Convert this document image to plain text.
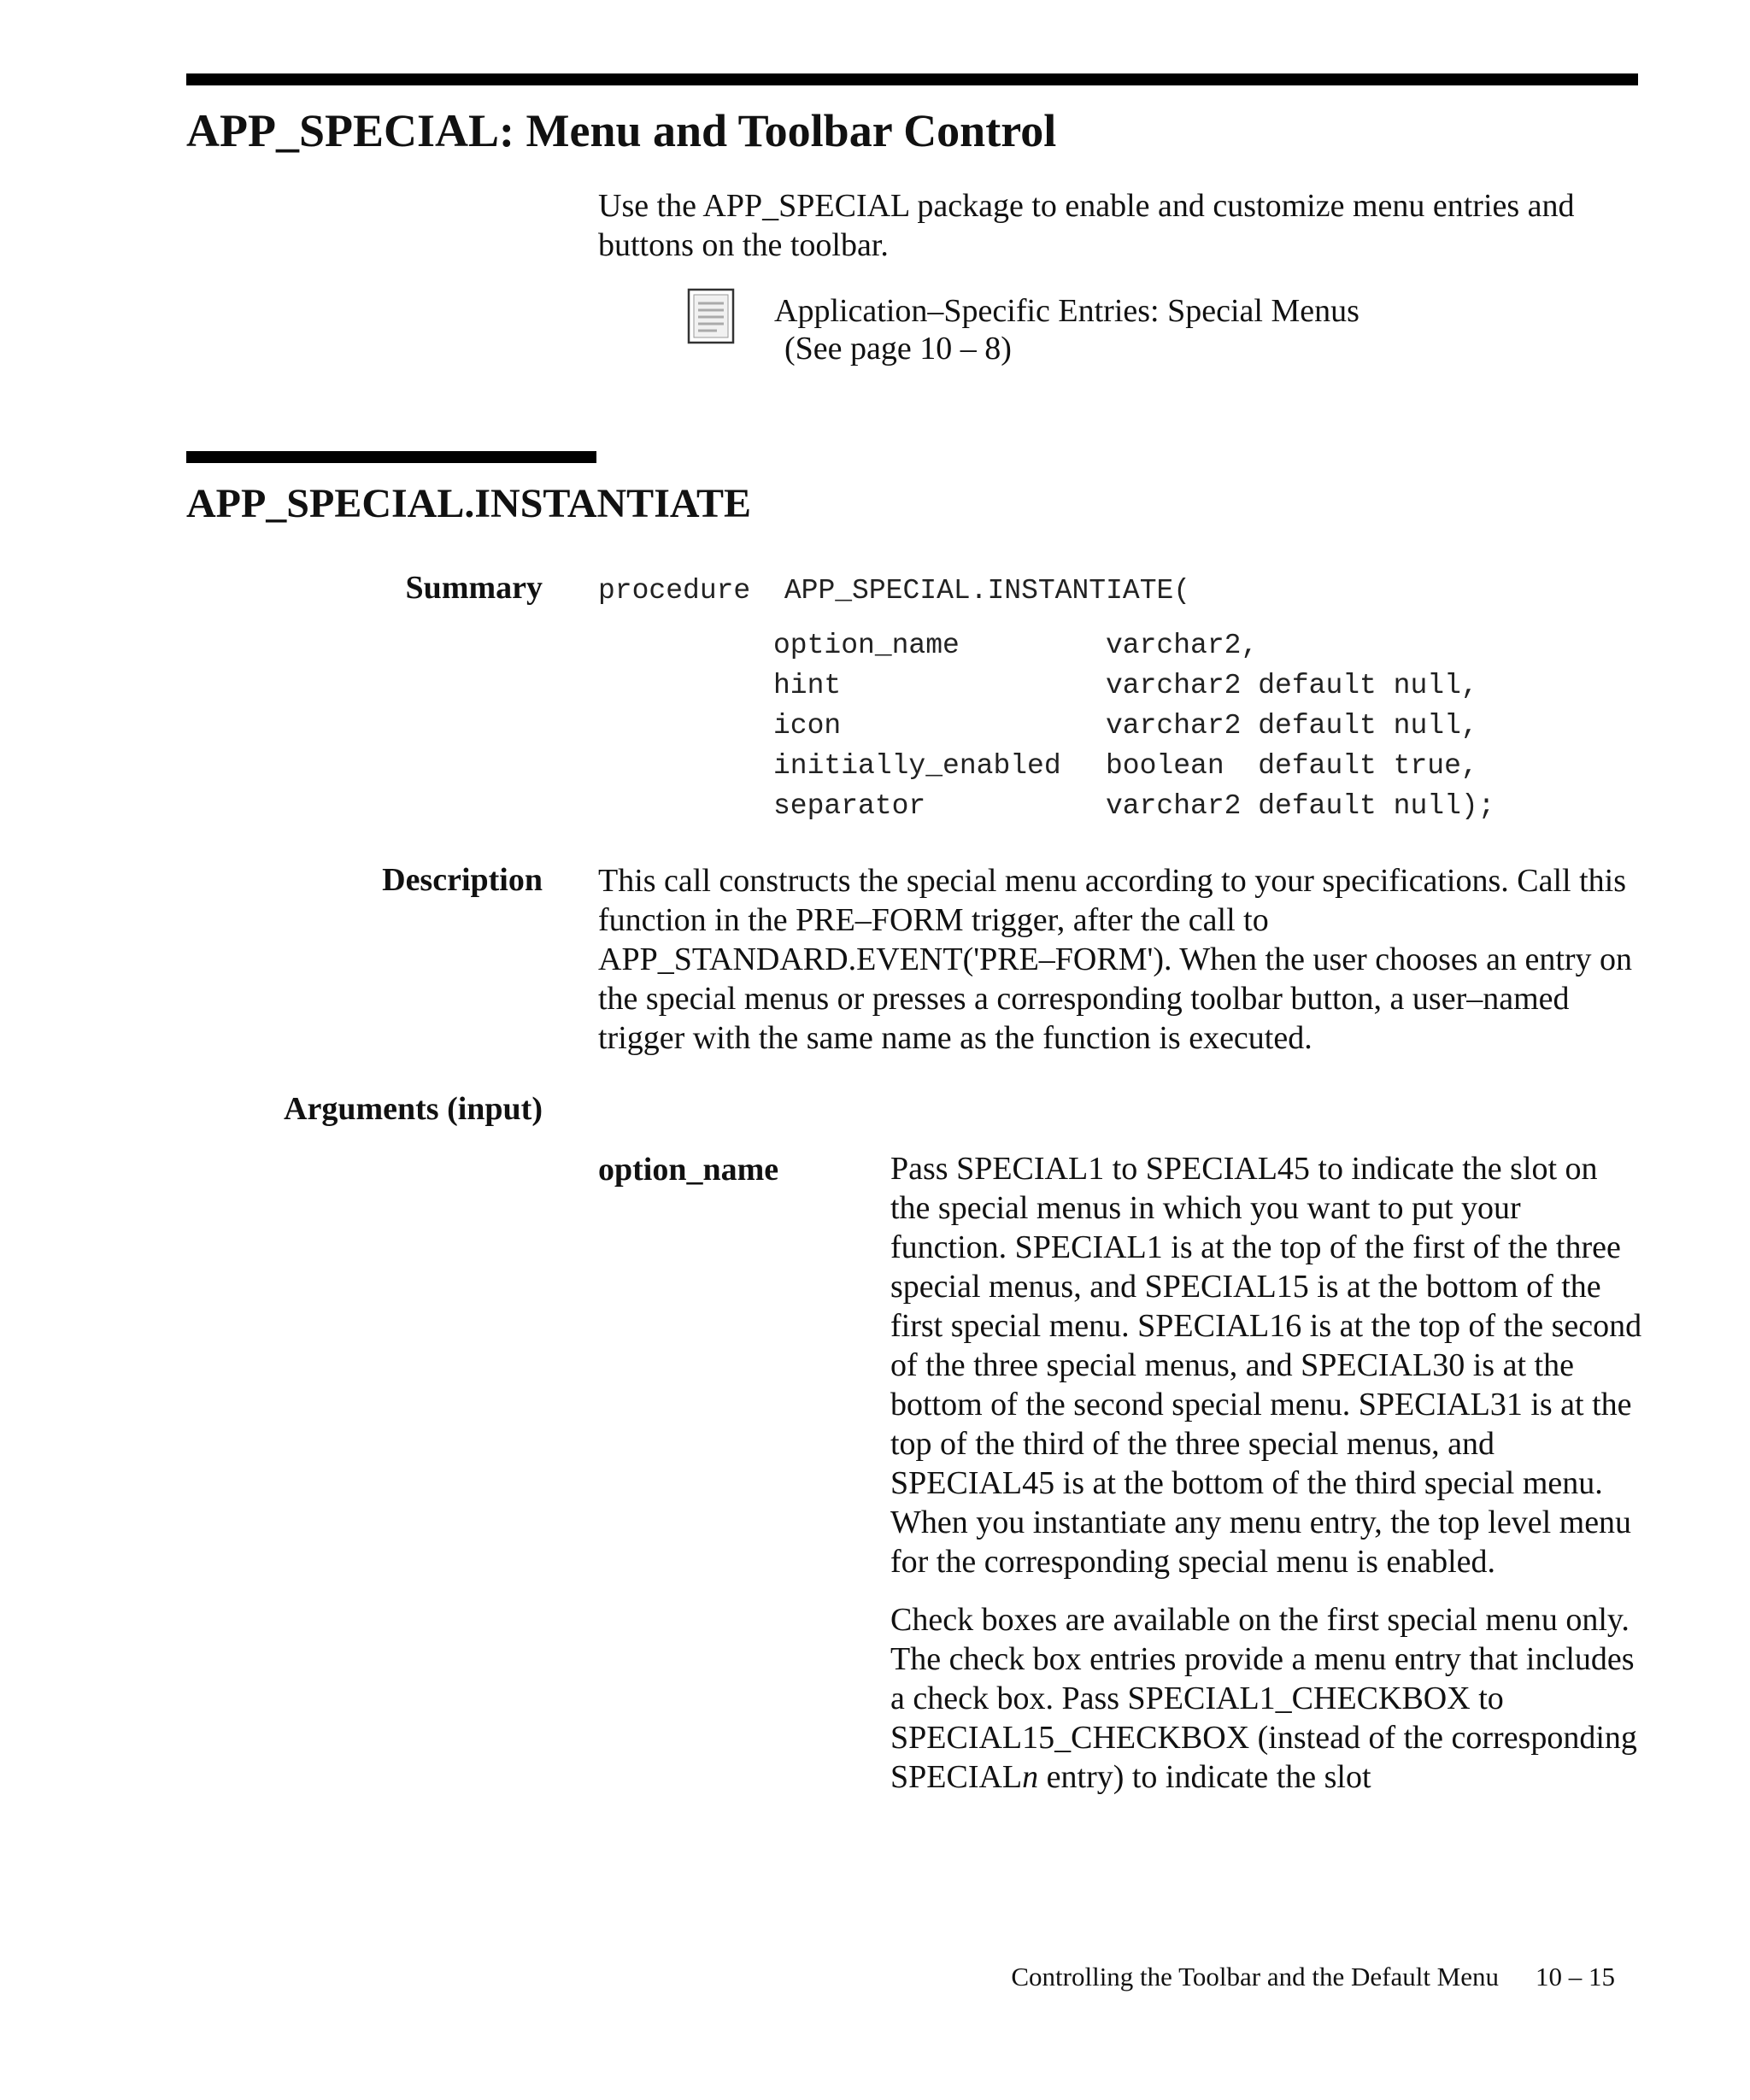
APP_SPECIAL: Menu and Toolbar Control
Use the APP_SPECIAL package to enable and customize menu entries and buttons on the toolbar.
Application–Specific Entries: Special Menus
(See page 10 – 8)
APP_SPECIAL.INSTANTIATE
Summary procedure  APP_SPECIAL.INSTANTIATE(
option_name	varchar2,
hint	varchar2 default null,
icon	varchar2 default null,
initially_enabled	boolean  default true,
separator	varchar2 default null);
Description This call constructs the special menu according to your specifications. Call this function in the PRE–FORM trigger, after the call to APP_STANDARD.EVENT('PRE–FORM'). When the user chooses an entry on the special menus or presses a corresponding toolbar button, a user–named trigger with the same name as the function is executed.
Arguments (input)
option_name	Pass SPECIAL1 to SPECIAL45 to indicate the slot on the special menus in which you want to put your function. SPECIAL1 is at the top of the first of the three special menus, and SPECIAL15 is at the bottom of the first special menu. SPECIAL16 is at the top of the second of the three special menus, and SPECIAL30 is at the bottom of the second special menu. SPECIAL31 is at the top of the third of the three special menus, and SPECIAL45 is at the bottom of the third special menu. When you instantiate any menu entry, the top level menu for the corresponding special menu is enabled.

Check boxes are available on the first special menu only. The check box entries provide a menu entry that includes a check box. Pass SPECIAL1_CHECKBOX to SPECIAL15_CHECKBOX (instead of the corresponding SPECIALn entry) to indicate the slot

Controlling the Toolbar and the Default Menu 10 – 15
